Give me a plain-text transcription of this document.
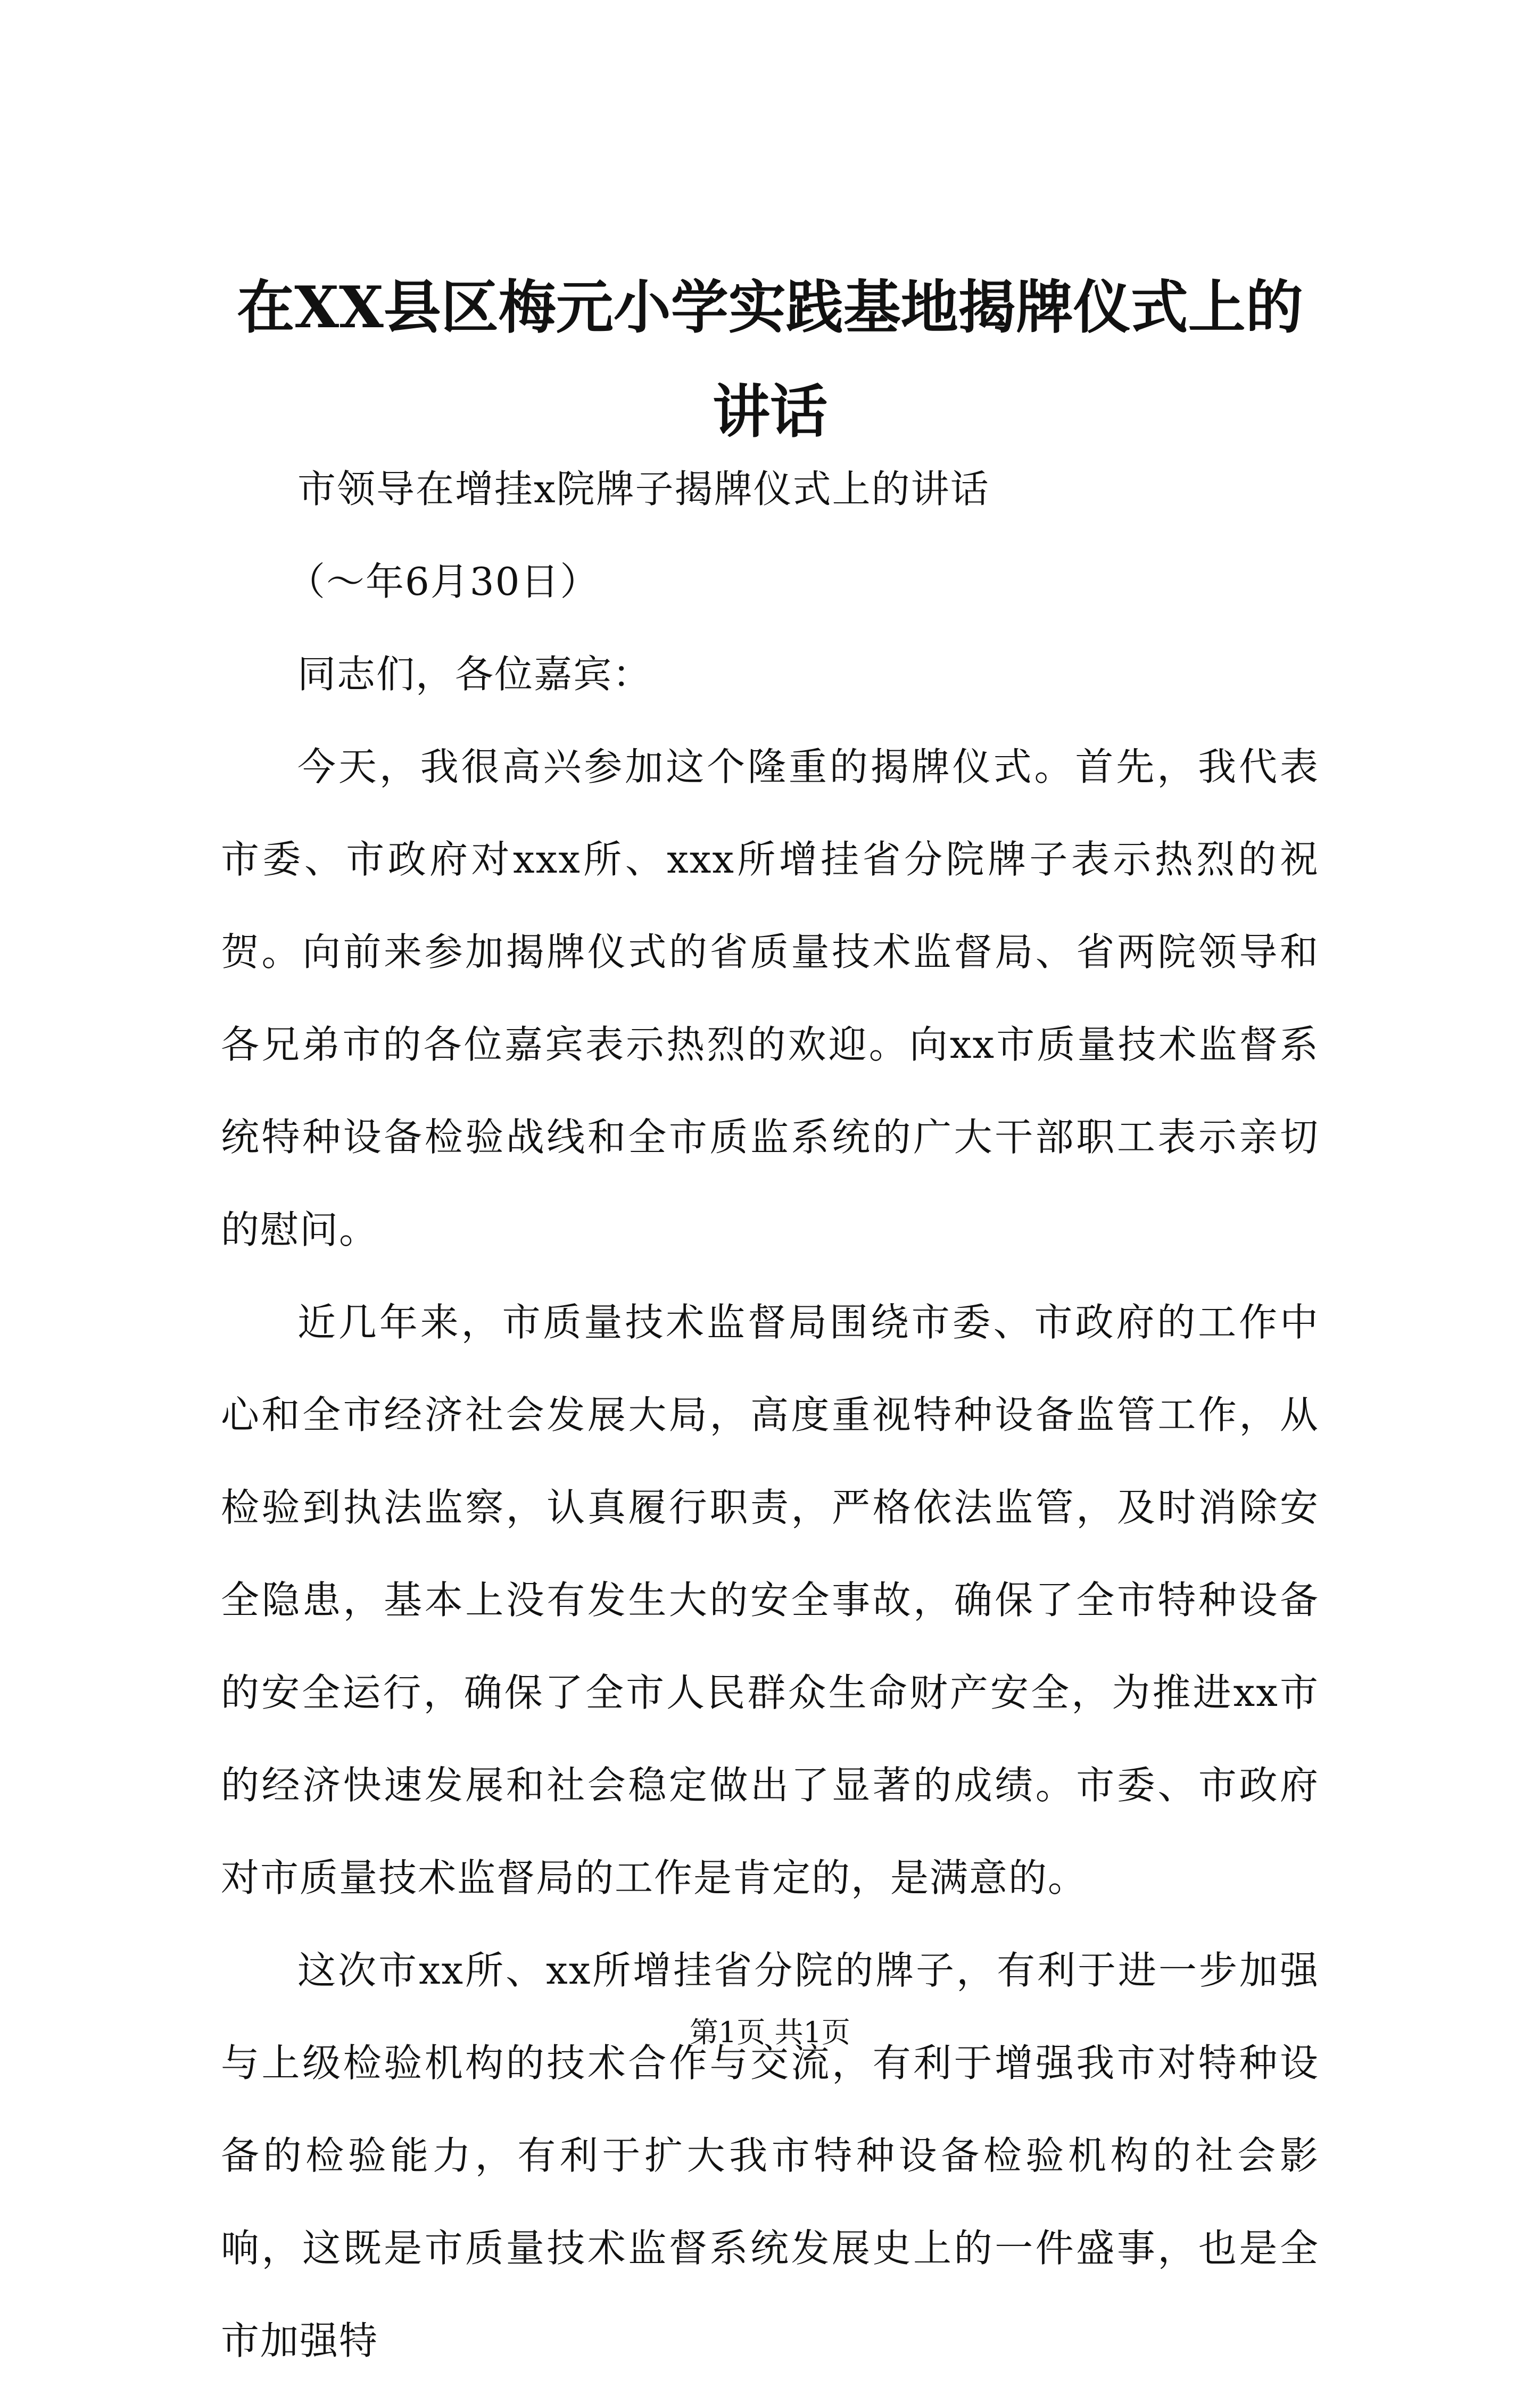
在XX县区梅元小学实践基地揭牌仪式上的讲话

市领导在增挂x院牌子揭牌仪式上的讲话

（～年6月30日）

同志们，各位嘉宾：

今天，我很高兴参加这个隆重的揭牌仪式。首先，我代表市委、市政府对xxx所、xxx所增挂省分院牌子表示热烈的祝贺。向前来参加揭牌仪式的省质量技术监督局、省两院领导和各兄弟市的各位嘉宾表示热烈的欢迎。向xx市质量技术监督系统特种设备检验战线和全市质监系统的广大干部职工表示亲切的慰问。

近几年来，市质量技术监督局围绕市委、市政府的工作中心和全市经济社会发展大局，高度重视特种设备监管工作，从检验到执法监察，认真履行职责，严格依法监管，及时消除安全隐患，基本上没有发生大的安全事故，确保了全市特种设备的安全运行，确保了全市人民群众生命财产安全，为推进xx市的经济快速发展和社会稳定做出了显著的成绩。市委、市政府对市质量技术监督局的工作是肯定的，是满意的。

这次市xx所、xx所增挂省分院的牌子，有利于进一步加强与上级检验机构的技术合作与交流，有利于增强我市对特种设备的检验能力，有利于扩大我市特种设备检验机构的社会影响，这既是市质量技术监督系统发展史上的一件盛事，也是全市加强特

第1页 共1页
